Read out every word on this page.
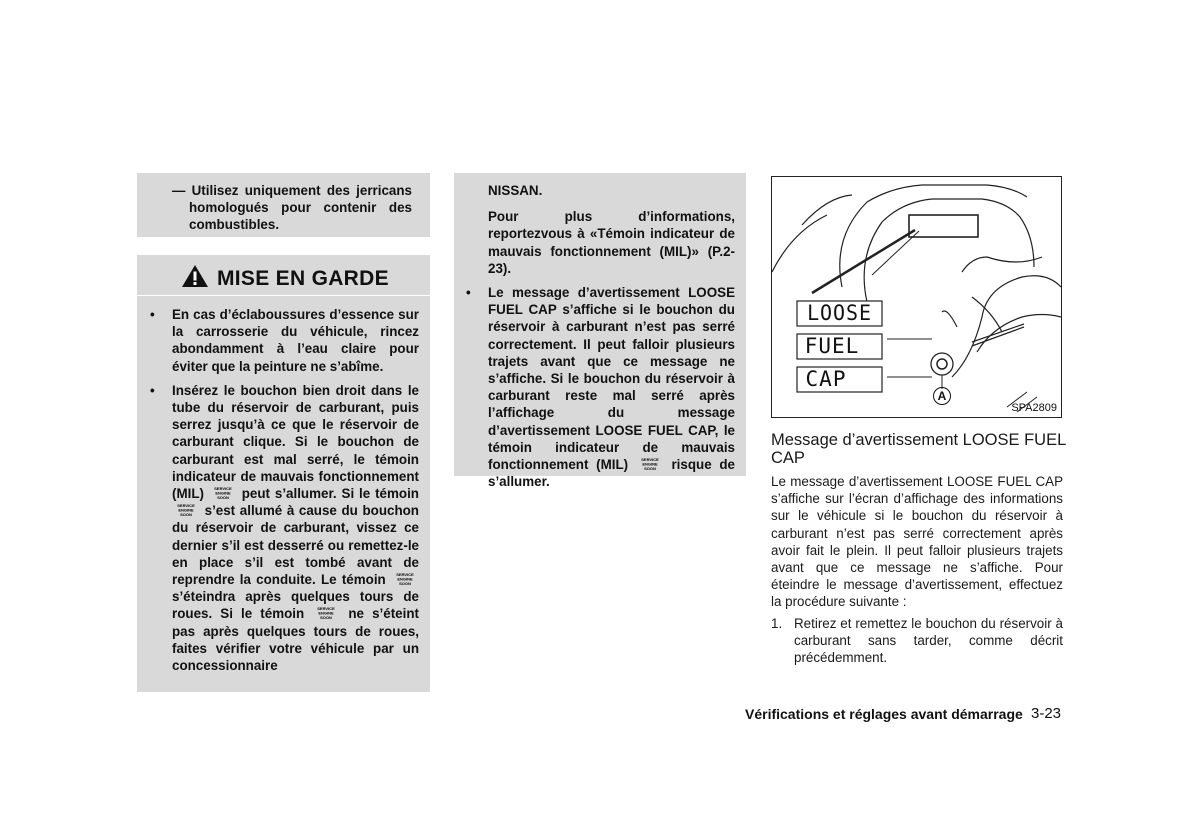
— Utilisez uniquement des jerricans homologués pour contenir des combustibles.
MISE EN GARDE
• En cas d’éclaboussures d’essence sur la carrosserie du véhicule, rincez abondamment à l’eau claire pour éviter que la peinture ne s’abîme.
• Insérez le bouchon bien droit dans le tube du réservoir de carburant, puis serrez jusqu’à ce que le réservoir de carburant clique. Si le bouchon de carburant est mal serré, le témoin indicateur de mauvais fonctionnement (MIL)	SERVICE
ENGINE
SOON peut s’allumer. Si le témoin
SERVICE
ENGINE
SOON s’est allumé à cause du bouchon du réservoir de carburant, vissez ce dernier s’il est desserré ou remettez-le en place s’il est tombé avant de reprendre la conduite. Le témoin	SERVICE
ENGINE
SOON
s’éteindra après quelques tours de roues. Si le témoin	SERVICE
ENGINE
SOON ne s’éteint pas après quelques tours de roues, faites vérifier votre véhicule par un concessionnaire
NISSAN.
Pour plus d’informations, reportezvous à «Témoin indicateur de mauvais fonctionnement (MIL)» (P.2-23).
• Le message d’avertissement LOOSE FUEL CAP s’affiche si le bouchon du réservoir à carburant n’est pas serré correctement. Il peut falloir plusieurs trajets avant que ce message ne s’affiche. Si le bouchon du réservoir à carburant reste mal serré après l’affichage du message d’avertissement LOOSE FUEL CAP, le témoin indicateur de mauvais fonctionnement (MIL)	SERVICE
ENGINE
SOON risque de s’allumer.
LOOSE
FUEL
CAP
A
SPA2809
Message d’avertissement LOOSE FUEL CAP
Le message d’avertissement LOOSE FUEL CAP s’affiche sur l’écran d’affichage des informations sur le véhicule si le bouchon du réservoir à carburant n’est pas serré correctement après avoir fait le plein. Il peut falloir plusieurs trajets avant que ce message ne s’affiche. Pour éteindre le message d’avertissement, effectuez la procédure suivante :
1. Retirez et remettez le bouchon du réservoir à carburant sans tarder, comme décrit précédemment.
Vérifications et réglages avant démarrage 3-23
